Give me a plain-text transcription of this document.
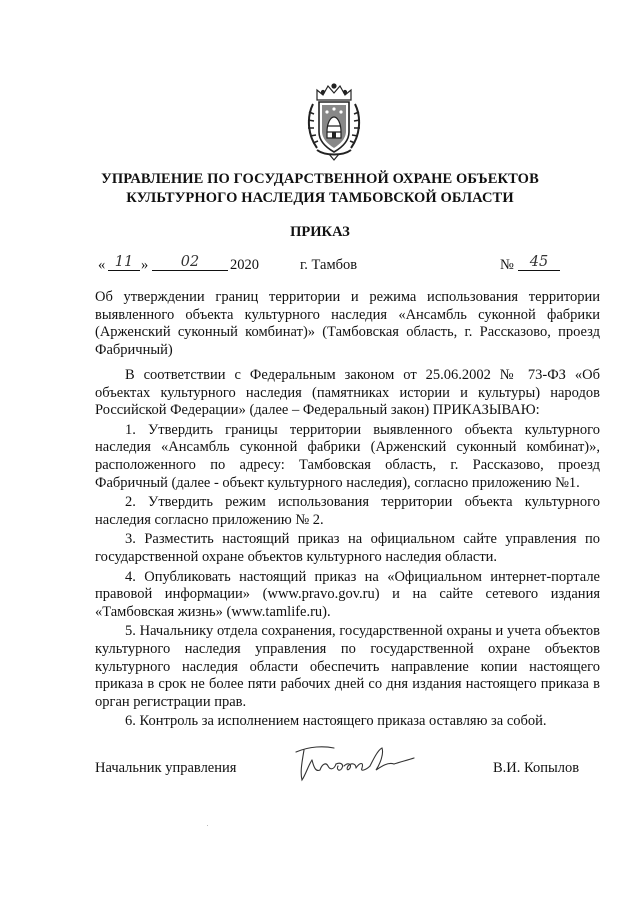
УПРАВЛЕНИЕ ПО ГОСУДАРСТВЕННОЙ ОХРАНЕ ОБЪЕКТОВ
КУЛЬТУРНОГО НАСЛЕДИЯ ТАМБОВСКОЙ ОБЛАСТИ
ПРИКАЗ
« 11 »	02	2020	г. Тамбов	№	45
Об утверждении границ территории и режима использования территории выявленного объекта культурного наследия «Ансамбль суконной фабрики (Арженский суконный комбинат)» (Тамбовская область, г. Рассказово, проезд Фабричный)

В соответствии с Федеральным законом от 25.06.2002 № 73-ФЗ «Об объектах культурного наследия (памятниках истории и культуры) народов Российской Федерации» (далее – Федеральный закон) ПРИКАЗЫВАЮ:

1. Утвердить границы территории выявленного объекта культурного наследия «Ансамбль суконной фабрики (Арженский суконный комбинат)», расположенного по адресу: Тамбовская область, г. Рассказово, проезд Фабричный (далее - объект культурного наследия), согласно приложению №1.

2. Утвердить режим использования территории объекта культурного наследия согласно приложению № 2.

3. Разместить настоящий приказ на официальном сайте управления по государственной охране объектов культурного наследия области.

4. Опубликовать настоящий приказ на «Официальном интернет-портале правовой информации» (www.pravo.gov.ru) и на сайте сетевого издания «Тамбовская жизнь» (www.tamlife.ru).

5. Начальнику отдела сохранения, государственной охраны и учета объектов культурного наследия управления по государственной охране объектов культурного наследия области обеспечить направление копии настоящего приказа в срок не более пяти рабочих дней со дня издания настоящего приказа в орган регистрации прав.

6. Контроль за исполнением настоящего приказа оставляю за собой.

Начальник управления	В.И. Копылов
